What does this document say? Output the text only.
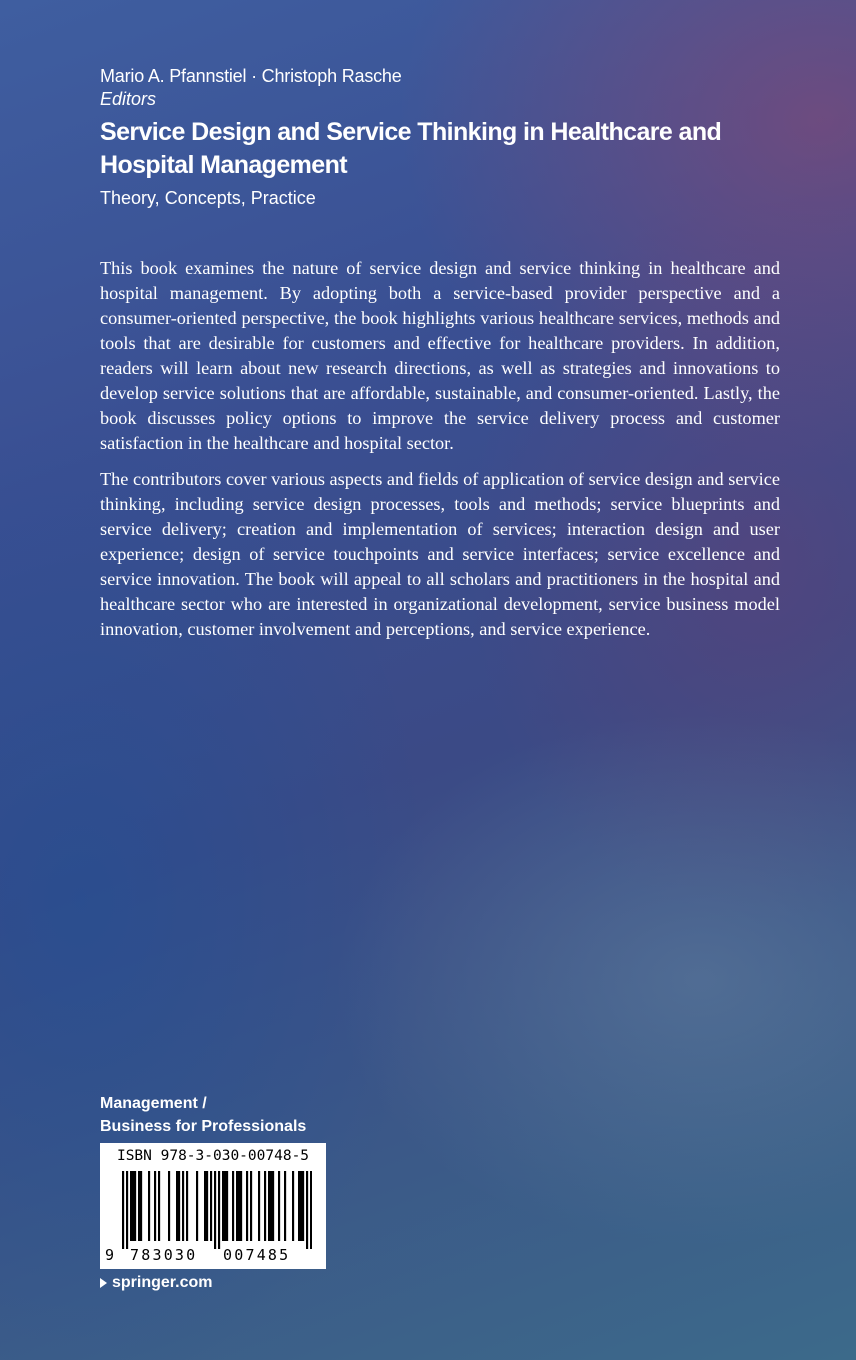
Mario A. Pfannstiel · Christoph Rasche
Editors
Service Design and Service Thinking in Healthcare and
Hospital Management
Theory, Concepts, Practice

This book examines the nature of service design and service thinking in healthcare and hospital management. By adopting both a service-based provider perspective and a consumer-oriented perspective, the book highlights various healthcare services, methods and tools that are desirable for customers and effective for healthcare providers. In addition, readers will learn about new research directions, as well as strategies and innovations to develop service solutions that are affordable, sustainable, and consumer-oriented. Lastly, the book discusses policy options to improve the service delivery process and customer satisfaction in the healthcare and hospital sector.

The contributors cover various aspects and fields of application of service design and service thinking, including service design processes, tools and methods; service blueprints and service delivery; creation and implementation of services; interaction design and user experience; design of service touchpoints and service interfaces; service excellence and service innovation. The book will appeal to all scholars and practitioners in the hospital and healthcare sector who are interested in organizational development, service business model innovation, customer involvement and perceptions, and service experience.

Management /
Business for Professionals
ISBN 978-3-030-00748-5
9 783030 007485
springer.com
